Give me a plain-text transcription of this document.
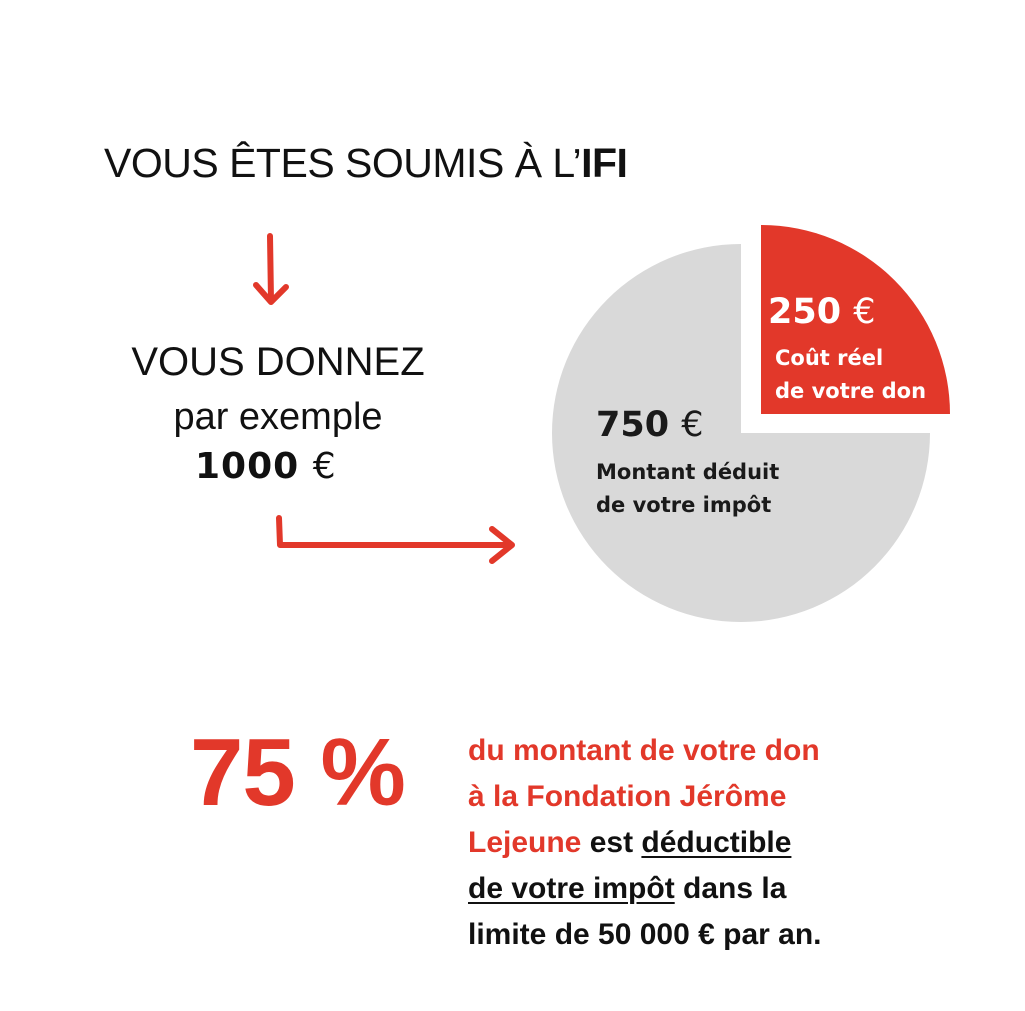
VOUS ÊTES SOUMIS À L’IFI
VOUS DONNEZ
par exemple
1000 €
250 €
Coût réel
de votre don
750 €
Montant déduit
de votre impôt
75 % du montant de votre don
à la Fondation Jérôme
Lejeune est déductible
de votre impôt dans la
limite de 50 000 € par an.
